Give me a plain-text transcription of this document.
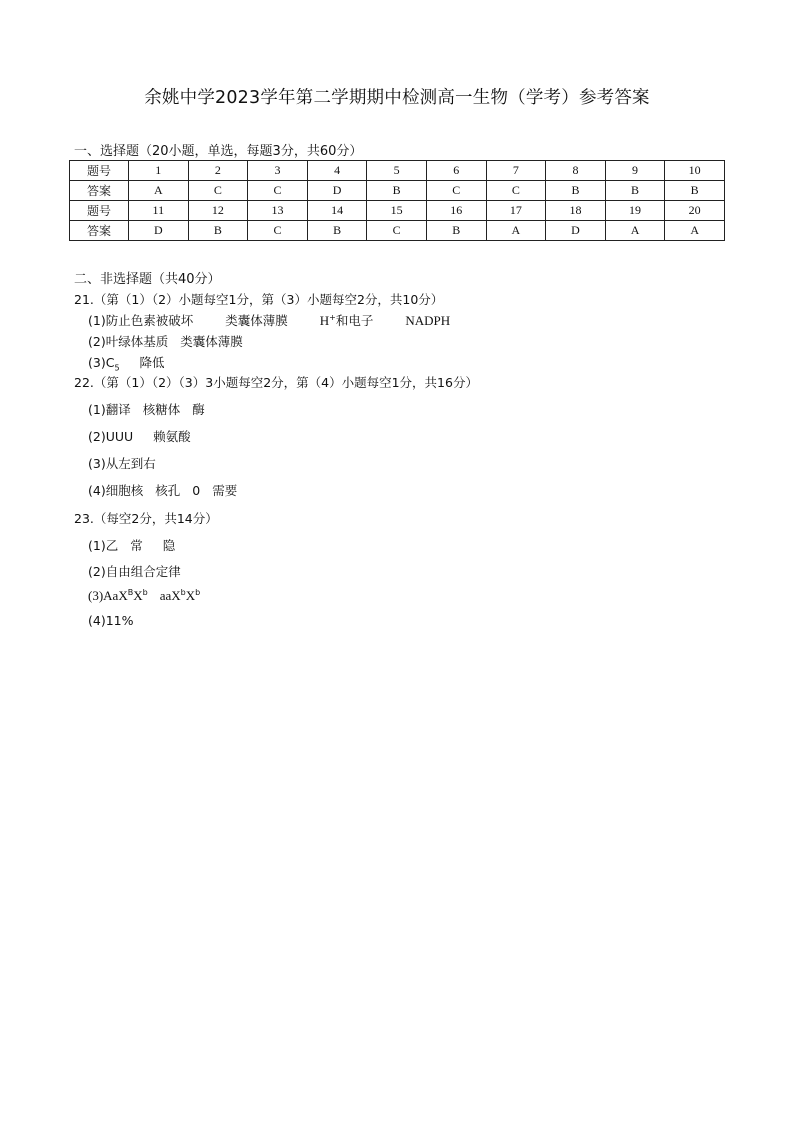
余姚中学2023学年第二学期期中检测高一生物（学考）参考答案
一、选择题（20小题，单选，每题3分，共60分）
题号	1	2	3	4	5	6	7	8	9	10
答案	A	C	C	D	B	C	C	B	B	B
题号	11	12	13	14	15	16	17	18	19	20
答案	D	B	C	B	C	B	A	D	A	A
二、非选择题（共40分）
21.（第（1）（2）小题每空1分，第（3）小题每空2分，共10分）
(1)防止色素被破坏	类囊体薄膜 H+和电子 NADPH
(2)叶绿体基质 类囊体薄膜
$(3)C_5$ 降低
22.（第（1）（2）（3）3小题每空2分，第（4）小题每空1分，共16分）
(1)翻译 核糖体 酶
(2)UUU 赖氨酸
(3)从左到右
(4)细胞核 核孔 0 需要
23.（每空2分，共14分）
(1)乙 常 隐
(2)自由组合定律
$(3)AaX^BX^b$ $aaX^bX^b$
(4)11%
